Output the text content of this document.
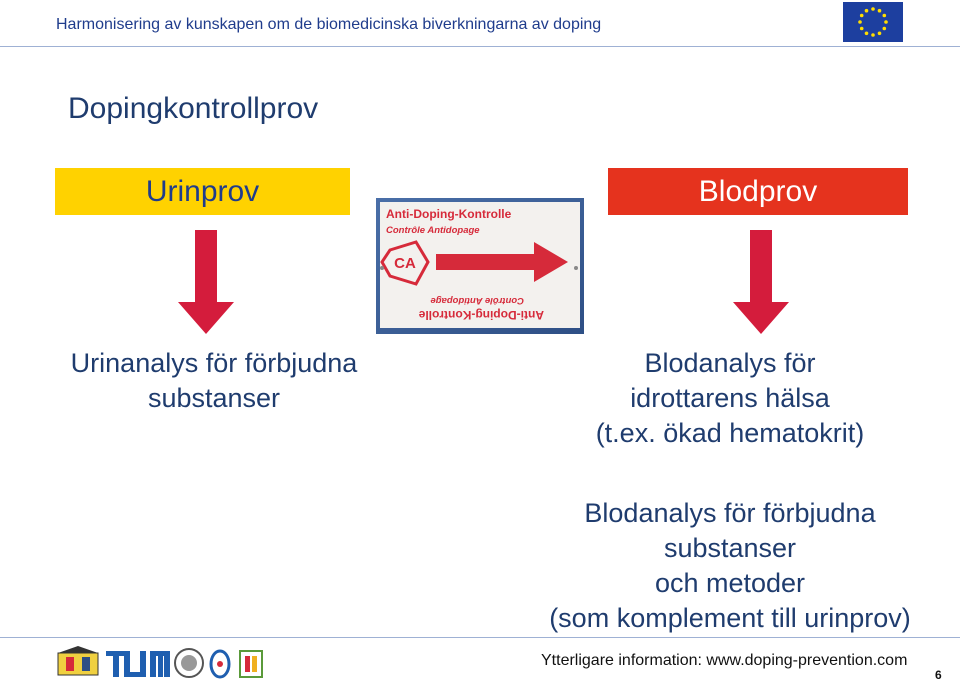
Harmonisering av kunskapen om de biomedicinska biverkningarna av doping
Dopingkontrollprov
Urinprov	Blodprov
Anti-Doping-Kontrolle
Contrôle Antidopage
CA
Anti-Doping-Kontrolle
Contrôle Antidopage
Urinanalys för förbjudna
substanser
Blodanalys för
idrottarens hälsa
(t.ex. ökad hematokrit)
Blodanalys för förbjudna
substanser
och metoder
(som komplement till urinprov)
Ytterligare information: www.doping-prevention.com
6
